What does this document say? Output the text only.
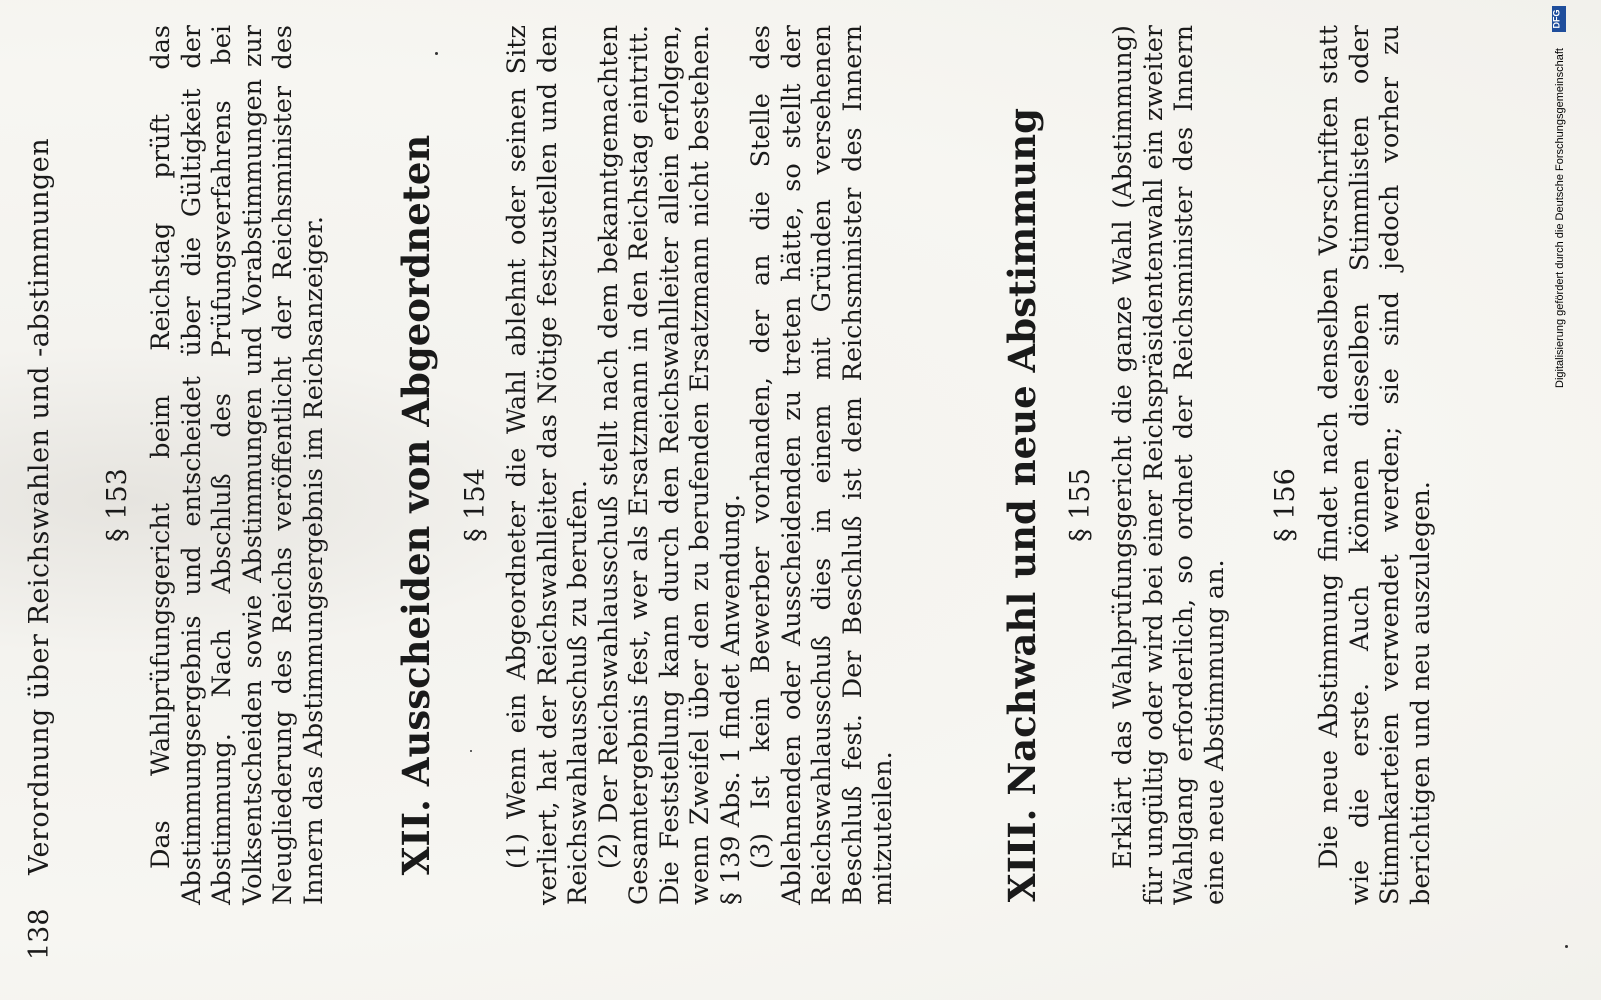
138
Verordnung über Reichswahlen und -abstimmungen § 153 Das Wahlprüfungsgericht beim Reichstag prüft das Abstimmungsergebnis und entscheidet über die Gültigkeit der Abstimmung. Nach Abschluß des Prüfungsverfahrens bei Volksentscheiden sowie Abstimmungen und Vorabstimmungen zur Neugliederung des Reichs veröffentlicht der Reichsminister des Innern das Abstimmungsergebnis im Reichsanzeiger. XII. Ausscheiden von Abgeordneten § 154 (1) Wenn ein Abgeordneter die Wahl ablehnt oder seinen Sitz verliert, hat der Reichswahlleiter das Nötige festzustellen und den Reichswahlausschuß zu berufen. (2) Der Reichswahlausschuß stellt nach dem bekanntgemachten Gesamtergebnis fest, wer als Ersatzmann in den Reichstag eintritt. Die Feststellung kann durch den Reichswahlleiter allein erfolgen, wenn Zweifel über den zu berufenden Ersatzmann nicht bestehen. § 139 Abs. 1 findet Anwendung. (3) Ist kein Bewerber vorhanden, der an die Stelle des Ablehnenden oder Ausscheidenden zu treten hätte, so stellt der Reichswahlausschuß dies in einem mit Gründen versehenen Beschluß fest. Der Beschluß ist dem Reichsminister des Innern mitzuteilen.	XIII. Nachwahl und neue Abstimmung § 155 Erklärt das Wahlprüfungsgericht die ganze Wahl (Abstimmung) für ungültig oder wird bei einer Reichspräsidentenwahl ein zweiter Wahlgang erforderlich, so ordnet der Reichsminister des Innern eine neue Abstimmung an.

§ 156 Die neue Abstimmung findet nach denselben Vorschriften statt wie die erste. Auch können dieselben Stimmlisten oder Stimmkarteien verwendet werden; sie sind jedoch vorher zu berichtigen und neu auszulegen.

DFG
Digitalisierung gefördert durch die Deutsche Forschungsgemeinschaft
